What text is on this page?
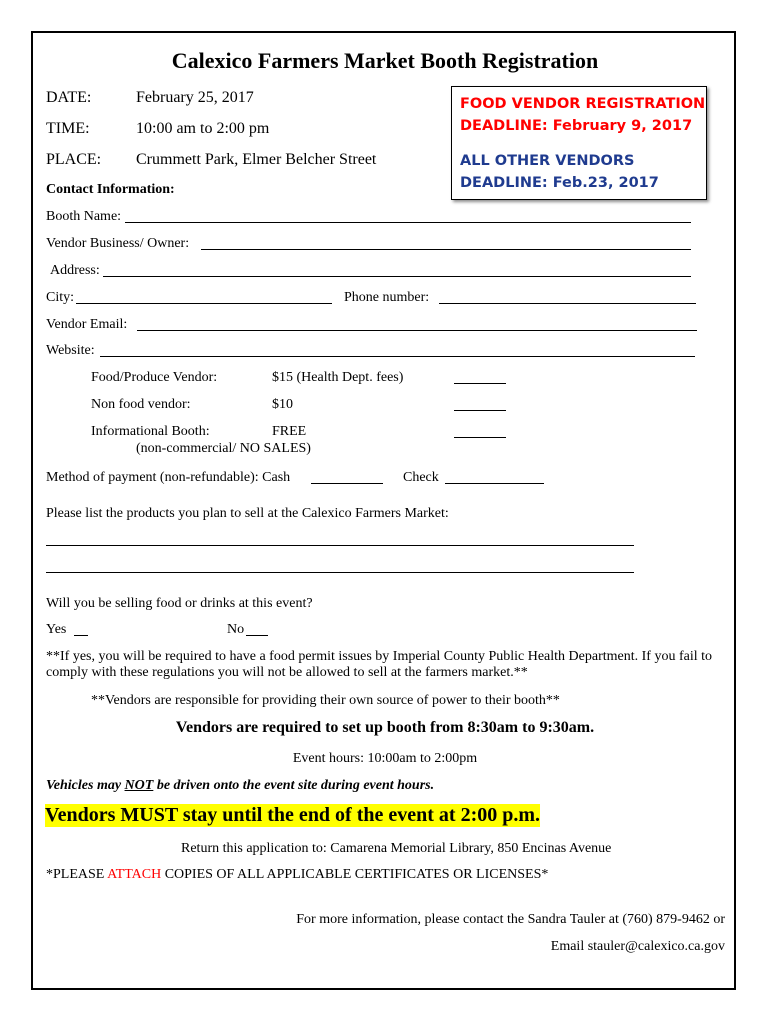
Calexico Farmers Market Booth Registration
DATE:	February 25, 2017
TIME:	10:00 am to 2:00 pm
PLACE: Crummett Park, Elmer Belcher Street
FOOD VENDOR REGISTRATION
DEADLINE: February 9, 2017
ALL OTHER VENDORS
DEADLINE: Feb.23, 2017
Contact Information:
Booth Name:
Vendor Business/ Owner:
Address:
City:	Phone number:
Vendor Email:
Website:
Food/Produce Vendor:	$15 (Health Dept. fees)
Non food vendor:	$10
Informational Booth:	FREE
(non-commercial/ NO SALES)
Method of payment (non-refundable): Cash	Check
Please list the products you plan to sell at the Calexico Farmers Market:
Will you be selling food or drinks at this event?
Yes	No
**If yes, you will be required to have a food permit issues by Imperial County Public Health Department. If you fail to comply with these regulations you will not be allowed to sell at the farmers market.**
**Vendors are responsible for providing their own source of power to their booth**
Vendors are required to set up booth from 8:30am to 9:30am.
Event hours: 10:00am to 2:00pm
Vehicles may NOT be driven onto the event site during event hours.
Vendors MUST stay until the end of the event at 2:00 p.m.
Return this application to: Camarena Memorial Library, 850 Encinas Avenue
*PLEASE ATTACH COPIES OF ALL APPLICABLE CERTIFICATES OR LICENSES*
For more information, please contact the Sandra Tauler at (760) 879-9462 or
Email stauler@calexico.ca.gov
